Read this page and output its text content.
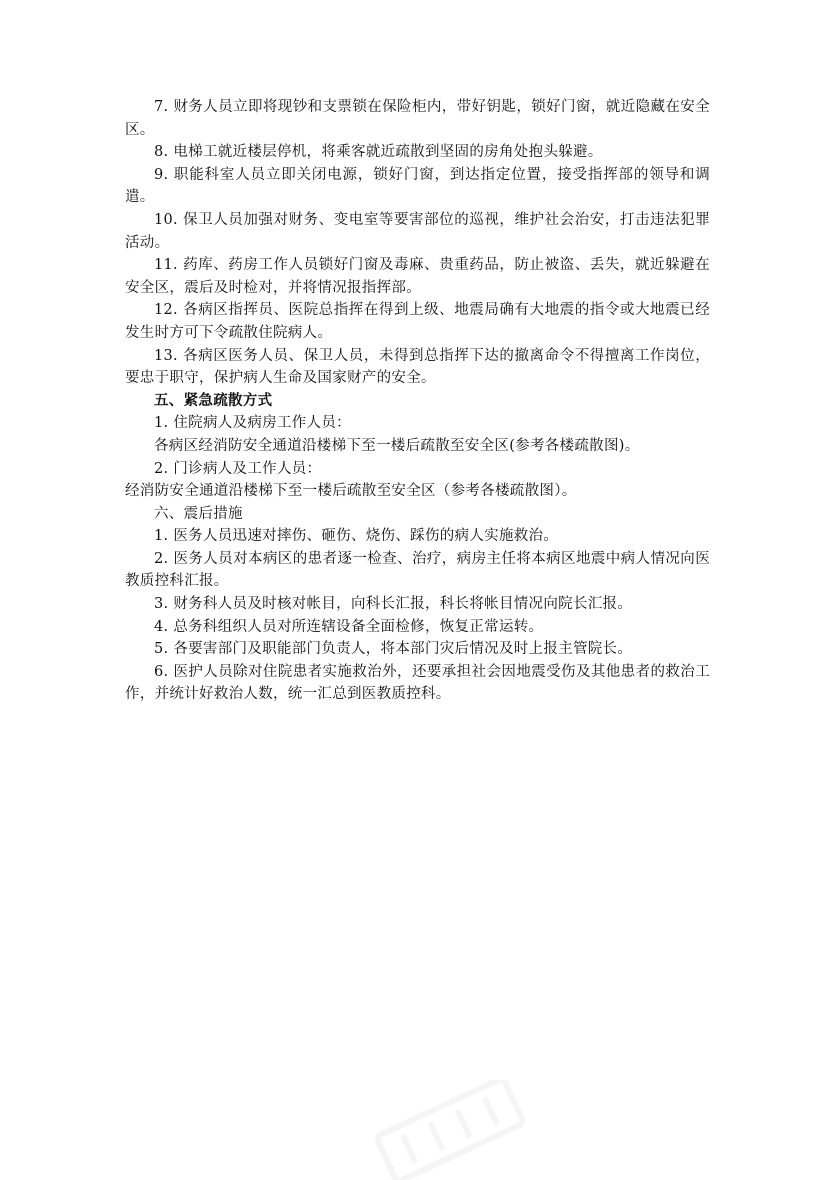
7. 财务人员立即将现钞和支票锁在保险柜内，带好钥匙，锁好门窗，就近隐藏在安全区。

8. 电梯工就近楼层停机，将乘客就近疏散到坚固的房角处抱头躲避。

9. 职能科室人员立即关闭电源，锁好门窗，到达指定位置，接受指挥部的领导和调遣。

10. 保卫人员加强对财务、变电室等要害部位的巡视，维护社会治安，打击违法犯罪活动。

11. 药库、药房工作人员锁好门窗及毒麻、贵重药品，防止被盗、丢失，就近躲避在安全区，震后及时检对，并将情况报指挥部。

12. 各病区指挥员、医院总指挥在得到上级、地震局确有大地震的指令或大地震已经发生时方可下令疏散住院病人。

13. 各病区医务人员、保卫人员，未得到总指挥下达的撤离命令不得擅离工作岗位，要忠于职守，保护病人生命及国家财产的安全。

五、紧急疏散方式

1. 住院病人及病房工作人员：

各病区经消防安全通道沿楼梯下至一楼后疏散至安全区(参考各楼疏散图)。

2. 门诊病人及工作人员：

经消防安全通道沿楼梯下至一楼后疏散至安全区（参考各楼疏散图）。

六、震后措施

1. 医务人员迅速对摔伤、砸伤、烧伤、踩伤的病人实施救治。

2. 医务人员对本病区的患者逐一检查、治疗，病房主任将本病区地震中病人情况向医教质控科汇报。

3. 财务科人员及时核对帐目，向科长汇报，科长将帐目情况向院长汇报。

4. 总务科组织人员对所连辖设备全面检修，恢复正常运转。

5. 各要害部门及职能部门负责人，将本部门灾后情况及时上报主管院长。

6. 医护人员除对住院患者实施救治外，还要承担社会因地震受伤及其他患者的救治工作，并统计好救治人数，统一汇总到医教质控科。
